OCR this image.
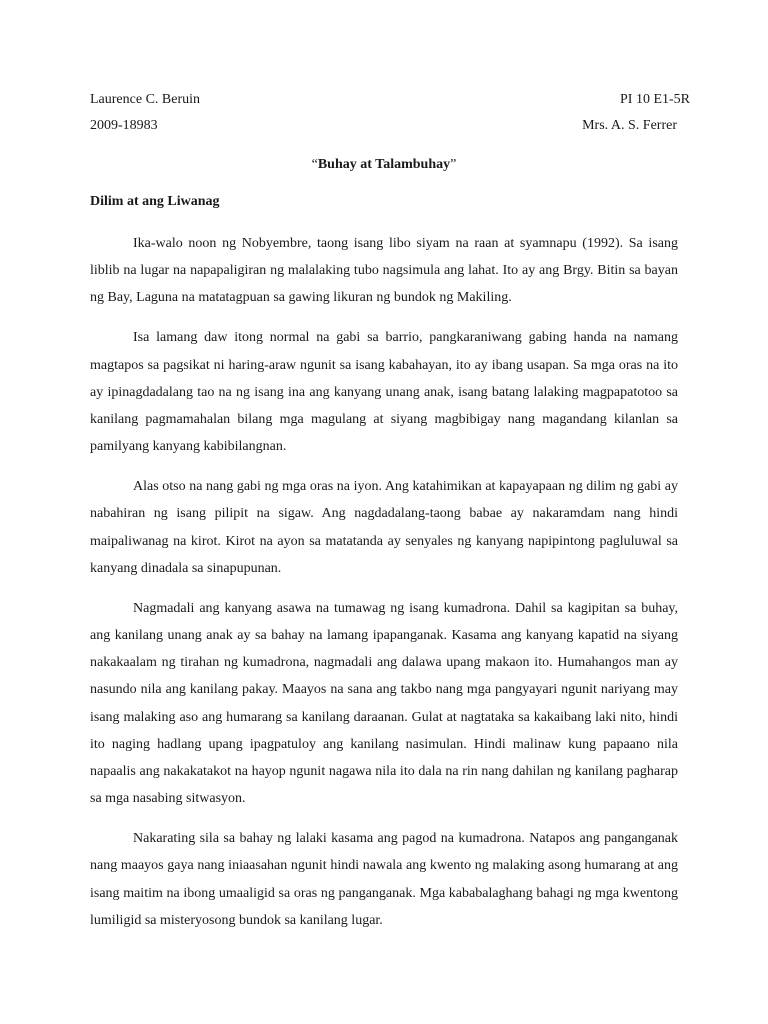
Laurence C. Beruin	PI 10 E1-5R
2009-18983	Mrs. A. S. Ferrer
“Buhay at Talambuhay”
Dilim at ang Liwanag

Ika-walo noon ng Nobyembre, taong isang libo siyam na raan at syamnapu (1992). Sa isang liblib na lugar na napapaligiran ng malalaking tubo nagsimula ang lahat. Ito ay ang Brgy. Bitin sa bayan ng Bay, Laguna na matatagpuan sa gawing likuran ng bundok ng Makiling.

Isa lamang daw itong normal na gabi sa barrio, pangkaraniwang gabing handa na namang magtapos sa pagsikat ni haring-araw ngunit sa isang kabahayan, ito ay ibang usapan. Sa mga oras na ito ay ipinagdadalang tao na ng isang ina ang kanyang unang anak, isang batang lalaking magpapatotoo sa kanilang pagmamahalan bilang mga magulang at siyang magbibigay nang magandang kilanlan sa pamilyang kanyang kabibilangnan.

Alas otso na nang gabi ng mga oras na iyon. Ang katahimikan at kapayapaan ng dilim ng gabi ay nabahiran ng isang pilipit na sigaw. Ang nagdadalang-taong babae ay nakaramdam nang hindi maipaliwanag na kirot. Kirot na ayon sa matatanda ay senyales ng kanyang napipintong pagluluwal sa kanyang dinadala sa sinapupunan.

Nagmadali ang kanyang asawa na tumawag ng isang kumadrona. Dahil sa kagipitan sa buhay, ang kanilang unang anak ay sa bahay na lamang ipapanganak. Kasama ang kanyang kapatid na siyang nakakaalam ng tirahan ng kumadrona, nagmadali ang dalawa upang makaon ito. Humahangos man ay nasundo nila ang kanilang pakay. Maayos na sana ang takbo nang mga pangyayari ngunit nariyang may isang malaking aso ang humarang sa kanilang daraanan. Gulat at nagtataka sa kakaibang laki nito, hindi ito naging hadlang upang ipagpatuloy ang kanilang nasimulan. Hindi malinaw kung papaano nila napaalis ang nakakatakot na hayop ngunit nagawa nila ito dala na rin nang dahilan ng kanilang pagharap sa mga nasabing sitwasyon.

Nakarating sila sa bahay ng lalaki kasama ang pagod na kumadrona. Natapos ang panganganak nang maayos gaya nang iniaasahan ngunit hindi nawala ang kwento ng malaking asong humarang at ang isang maitim na ibong umaaligid sa oras ng panganganak. Mga kababalaghang bahagi ng mga kwentong lumiligid sa misteryosong bundok sa kanilang lugar.
